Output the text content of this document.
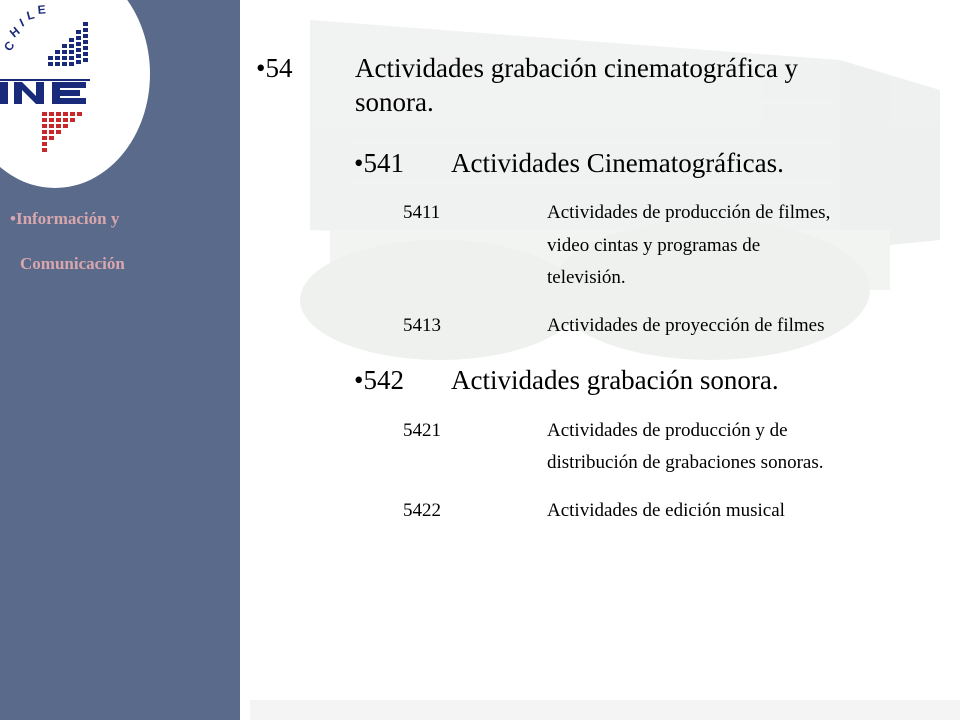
C
H
I
L E
•Información y
Comunicación
•54 Actividades grabación cinematográfica y
sonora.
•541 Actividades Cinematográficas.
5411	Actividades de producción de filmes,
video cintas y programas de
televisión.
5413	Actividades de proyección de filmes
•542 Actividades grabación sonora.
5421	Actividades de producción y de
distribución de grabaciones sonoras.
5422	Actividades de edición musical
